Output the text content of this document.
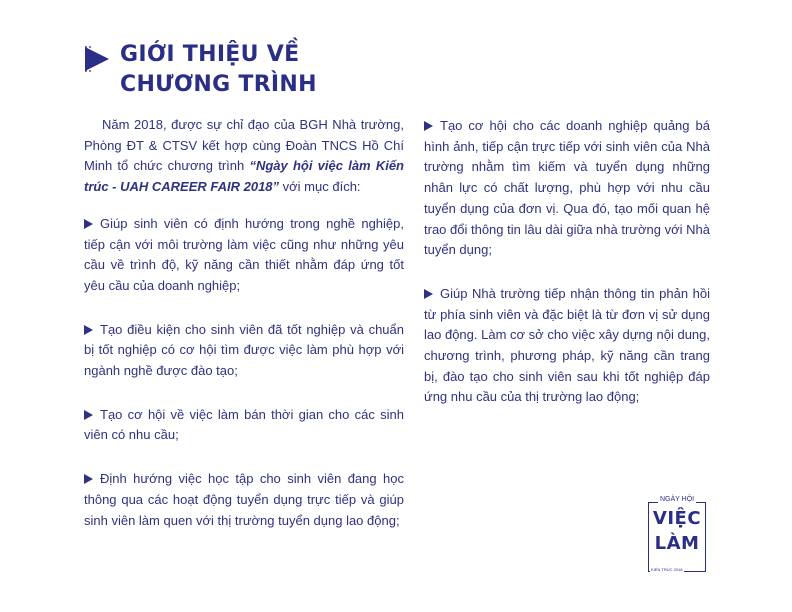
GIỚI THIỆU VỀ
CHƯƠNG TRÌNH

Năm 2018, được sự chỉ đạo của BGH Nhà trường, Phòng ĐT & CTSV kết hợp cùng Đoàn TNCS Hồ Chí Minh tổ chức chương trình “Ngày hội việc làm Kiến trúc - UAH CAREER FAIR 2018” với mục đích:

Giúp sinh viên có định hướng trong nghề nghiệp, tiếp cận với môi trường làm việc cũng như những yêu cầu về trình độ, kỹ năng cần thiết nhằm đáp ứng tốt yêu cầu của doanh nghiệp;

Tạo điều kiện cho sinh viên đã tốt nghiệp và chuẩn bị tốt nghiệp có cơ hội tìm được việc làm phù hợp với ngành nghề được đào tạo;

Tạo cơ hội về việc làm bán thời gian cho các sinh viên có nhu cầu;

Định hướng việc học tập cho sinh viên đang học thông qua các hoạt động tuyển dụng trực tiếp và giúp sinh viên làm quen với thị trường tuyển dụng lao động;

Tạo cơ hội cho các doanh nghiệp quảng bá hình ảnh, tiếp cận trực tiếp với sinh viên của Nhà trường nhằm tìm kiếm và tuyển dụng những nhân lực có chất lượng, phù hợp với nhu cầu tuyển dụng của đơn vị. Qua đó, tạo mối quan hệ trao đổi thông tin lâu dài giữa nhà trường với Nhà tuyển dụng;

Giúp Nhà trường tiếp nhận thông tin phản hồi từ phía sinh viên và đặc biệt là từ đơn vị sử dụng lao động. Làm cơ sở cho việc xây dựng nội dung, chương trình, phương pháp, kỹ năng cần trang bị, đào tạo cho sinh viên sau khi tốt nghiệp đáp ứng nhu cầu của thị trường lao động;

NGÀY HỘI
VIỆC
LÀM
KIẾN TRÚC 2018
